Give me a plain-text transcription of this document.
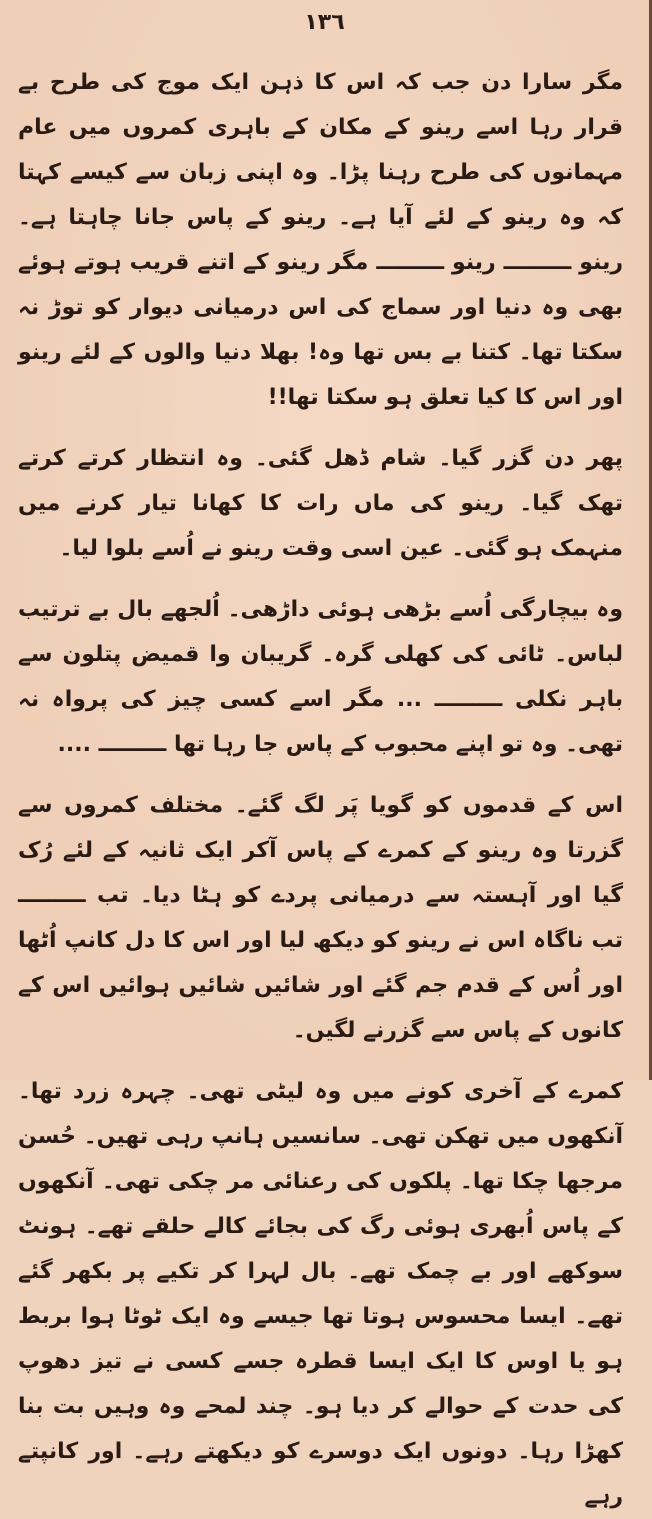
١٣٦

مگر سارا دن جب کہ اس کا ذہن ایک موج کی طرح بے قرار رہا اسے رینو کے مکان کے باہری کمروں میں عام مہمانوں کی طرح رہنا پڑا۔ وہ اپنی زبان سے کیسے کہتا کہ وہ رینو کے لئے آیا ہے۔ رینو کے پاس جانا چاہتا ہے۔ رینو ـــــــــ رینو ـــــــــ مگر رینو کے اتنے قریب ہوتے ہوئے بھی وہ دنیا اور سماج کی اس درمیانی دیوار کو توڑ نہ سکتا تھا۔ کتنا بے بس تھا وہ! بھلا دنیا والوں کے لئے رینو اور اس کا کیا تعلق ہو سکتا تھا!!

پھر دن گزر گیا۔ شام ڈھل گئی۔ وہ انتظار کرتے کرتے تھک گیا۔ رینو کی ماں رات کا کھانا تیار کرنے میں منہمک ہو گئی۔ عین اسی وقت رینو نے اُسے بلوا لیا۔

وہ بیچارگی اُسے بڑھی ہوئی داڑھی۔ اُلجھے بال بے ترتیب لباس۔ ٹائی کی کھلی گرہ۔ گریبان وا قمیض پتلون سے باہر نکلی ـــــــــ ... مگر اسے کسی چیز کی پرواہ نہ تھی۔ وہ تو اپنے محبوب کے پاس جا رہا تھا ـــــــــ ....

اس کے قدموں کو گویا پَر لگ گئے۔ مختلف کمروں سے گزرتا وہ رینو کے کمرے کے پاس آکر ایک ثانیہ کے لئے رُک گیا اور آہستہ سے درمیانی پردے کو ہٹا دیا۔ تب ـــــــــ تب ناگاہ اس نے رینو کو دیکھ لیا اور اس کا دل کانپ اُٹھا اور اُس کے قدم جم گئے اور شائیں شائیں ہوائیں اس کے کانوں کے پاس سے گزرنے لگیں۔

کمرے کے آخری کونے میں وہ لیٹی تھی۔ چہرہ زرد تھا۔ آنکھوں میں تھکن تھی۔ سانسیں ہانپ رہی تھیں۔ حُسن مرجھا چکا تھا۔ پلکوں کی رعنائی مر چکی تھی۔ آنکھوں کے پاس اُبھری ہوئی رگ کی بجائے کالے حلقے تھے۔ ہونٹ سوکھے اور بے چمک تھے۔ بال لہرا کر تکیے پر بکھر گئے تھے۔ ایسا محسوس ہوتا تھا جیسے وہ ایک ٹوٹا ہوا بربط ہو یا اوس کا ایک ایسا قطرہ جسے کسی نے تیز دھوپ کی حدت کے حوالے کر دیا ہو۔ چند لمحے وہ وہیں بت بنا کھڑا رہا۔ دونوں ایک دوسرے کو دیکھتے رہے۔ اور کانپتے رہے
